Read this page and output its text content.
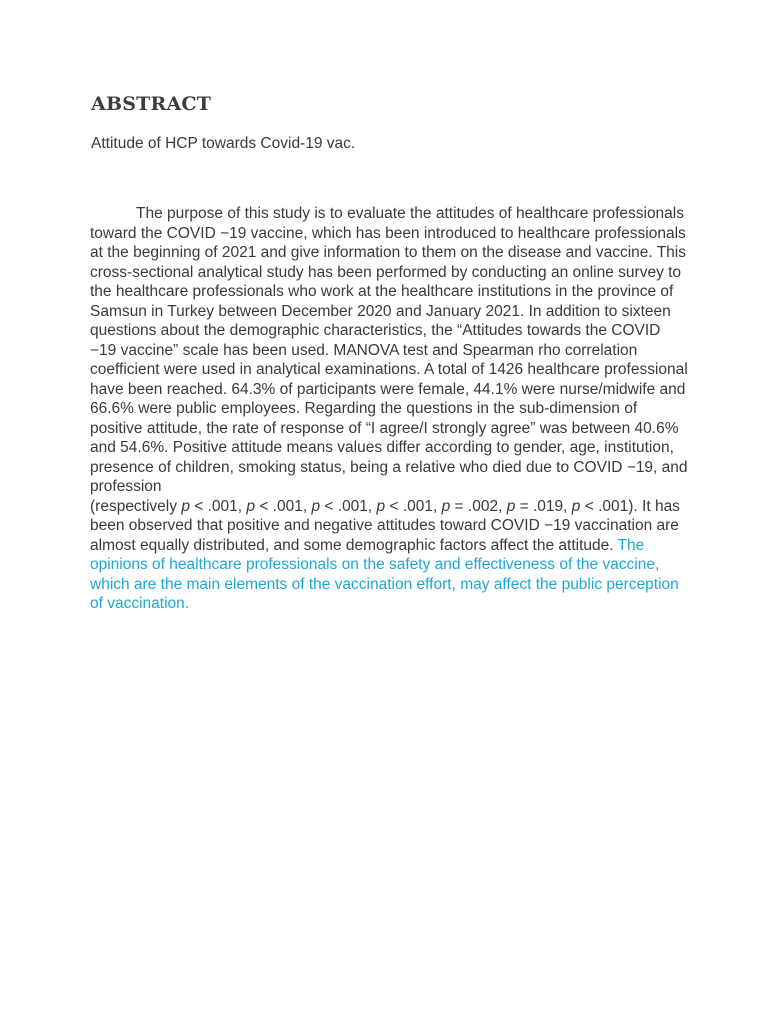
ABSTRACT
Attitude of HCP towards Covid-19 vac.

The purpose of this study is to evaluate the attitudes of healthcare professionals toward the COVID −19 vaccine, which has been introduced to healthcare professionals at the beginning of 2021 and give information to them on the disease and vaccine. This cross-sectional analytical study has been performed by conducting an online survey to the healthcare professionals who work at the healthcare institutions in the province of Samsun in Turkey between December 2020 and January 2021. In addition to sixteen questions about the demographic characteristics, the “Attitudes towards the COVID −19 vaccine” scale has been used. MANOVA test and Spearman rho correlation coefficient were used in analytical examinations. A total of 1426 healthcare professional have been reached. 64.3% of participants were female, 44.1% were nurse/midwife and 66.6% were public employees. Regarding the questions in the sub-dimension of positive attitude, the rate of response of “I agree/I strongly agree” was between 40.6% and 54.6%. Positive attitude means values differ according to gender, age, institution, presence of children, smoking status, being a relative who died due to COVID −19, and profession
(respectively p < .001, p < .001, p < .001, p < .001, p = .002, p = .019, p < .001). It has been observed that positive and negative attitudes toward COVID −19 vaccination are almost equally distributed, and some demographic factors affect the attitude. The opinions of healthcare professionals on the safety and effectiveness of the vaccine, which are the main elements of the vaccination effort, may affect the public perception of vaccination.
